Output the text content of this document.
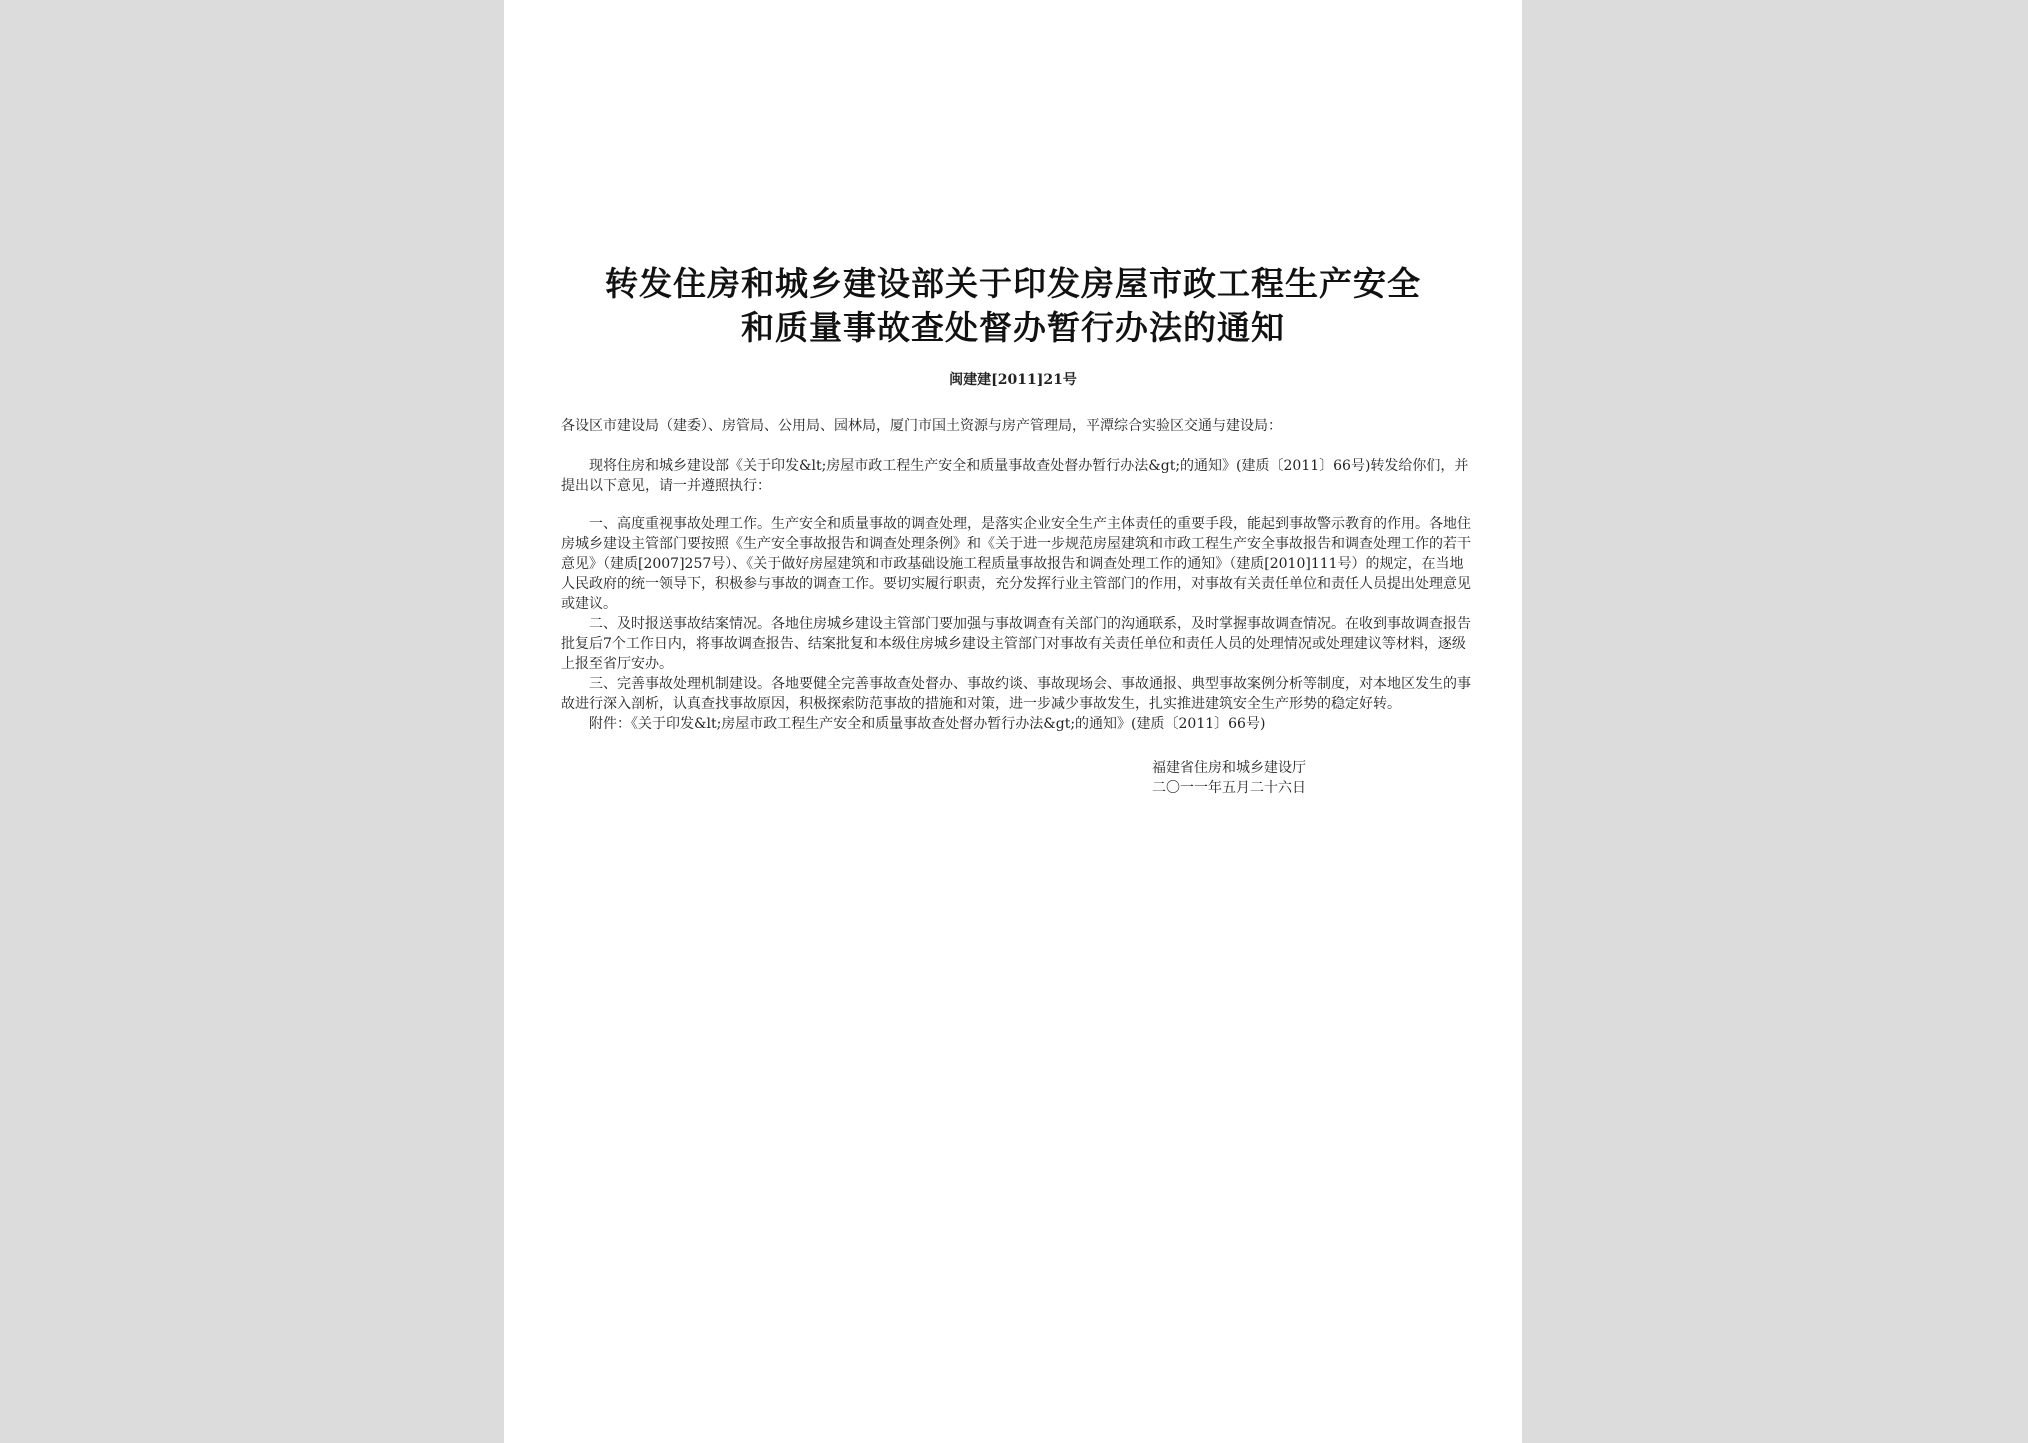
转发住房和城乡建设部关于印发房屋市政工程生产安全
和质量事故查处督办暂行办法的通知
闽建建[2011]21号

各设区市建设局（建委）、房管局、公用局、园林局，厦门市国土资源与房产管理局，平潭综合实验区交通与建设局：

现将住房和城乡建设部《关于印发&lt;房屋市政工程生产安全和质量事故查处督办暂行办法&gt;的通知》(建质〔2011〕66号)转发给你们，并提出以下意见，请一并遵照执行：

一、高度重视事故处理工作。生产安全和质量事故的调查处理，是落实企业安全生产主体责任的重要手段，能起到事故警示教育的作用。各地住房城乡建设主管部门要按照《生产安全事故报告和调查处理条例》和《关于进一步规范房屋建筑和市政工程生产安全事故报告和调查处理工作的若干意见》（建质[2007]257号）、《关于做好房屋建筑和市政基础设施工程质量事故报告和调查处理工作的通知》（建质[2010]111号）的规定，在当地人民政府的统一领导下，积极参与事故的调查工作。要切实履行职责，充分发挥行业主管部门的作用，对事故有关责任单位和责任人员提出处理意见或建议。

二、及时报送事故结案情况。各地住房城乡建设主管部门要加强与事故调查有关部门的沟通联系，及时掌握事故调查情况。在收到事故调查报告批复后7个工作日内，将事故调查报告、结案批复和本级住房城乡建设主管部门对事故有关责任单位和责任人员的处理情况或处理建议等材料，逐级上报至省厅安办。

三、完善事故处理机制建设。各地要健全完善事故查处督办、事故约谈、事故现场会、事故通报、典型事故案例分析等制度，对本地区发生的事故进行深入剖析，认真查找事故原因，积极探索防范事故的措施和对策，进一步减少事故发生，扎实推进建筑安全生产形势的稳定好转。

附件：《关于印发&lt;房屋市政工程生产安全和质量事故查处督办暂行办法&gt;的通知》(建质〔2011〕66号)

福建省住房和城乡建设厅
二〇一一年五月二十六日
